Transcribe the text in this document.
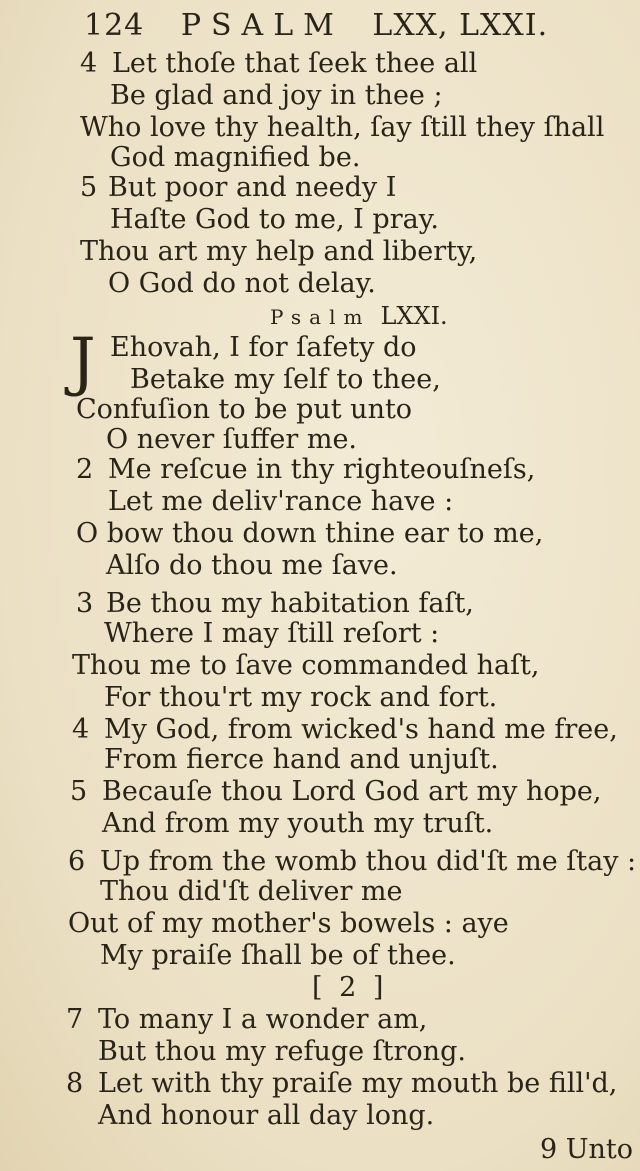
124 PSALM LXX, LXXI.
4 Let thoſe that ſeek thee all
Be glad and joy in thee ;
Who love thy health, ſay ſtill they ſhall
God magnified be.
5 But poor and needy I
Haſte God to me, I pray.
Thou art my help and liberty,
O God do not delay.
Psalm LXXI.
J Ehovah, I for ſafety do
Betake my ſelf to thee,
Confuſion to be put unto
O never ſuffer me.
2 Me reſcue in thy righteouſneſs,
Let me deliv'rance have :
O bow thou down thine ear to me,
Alſo do thou me ſave.
3 Be thou my habitation faſt,
Where I may ſtill reſort :
Thou me to ſave commanded haſt,
For thou'rt my rock and fort.
4 My God, from wicked's hand me free,
From fierce hand and unjuſt.
5 Becauſe thou Lord God art my hope,
And from my youth my truſt.
6 Up from the womb thou did'ſt me ſtay :
Thou did'ſt deliver me
Out of my mother's bowels : aye
My praiſe ſhall be of thee.
[ 2 ]
7 To many I a wonder am,
But thou my refuge ſtrong.
8 Let with thy praiſe my mouth be fill'd,
And honour all day long.
9 Unto
